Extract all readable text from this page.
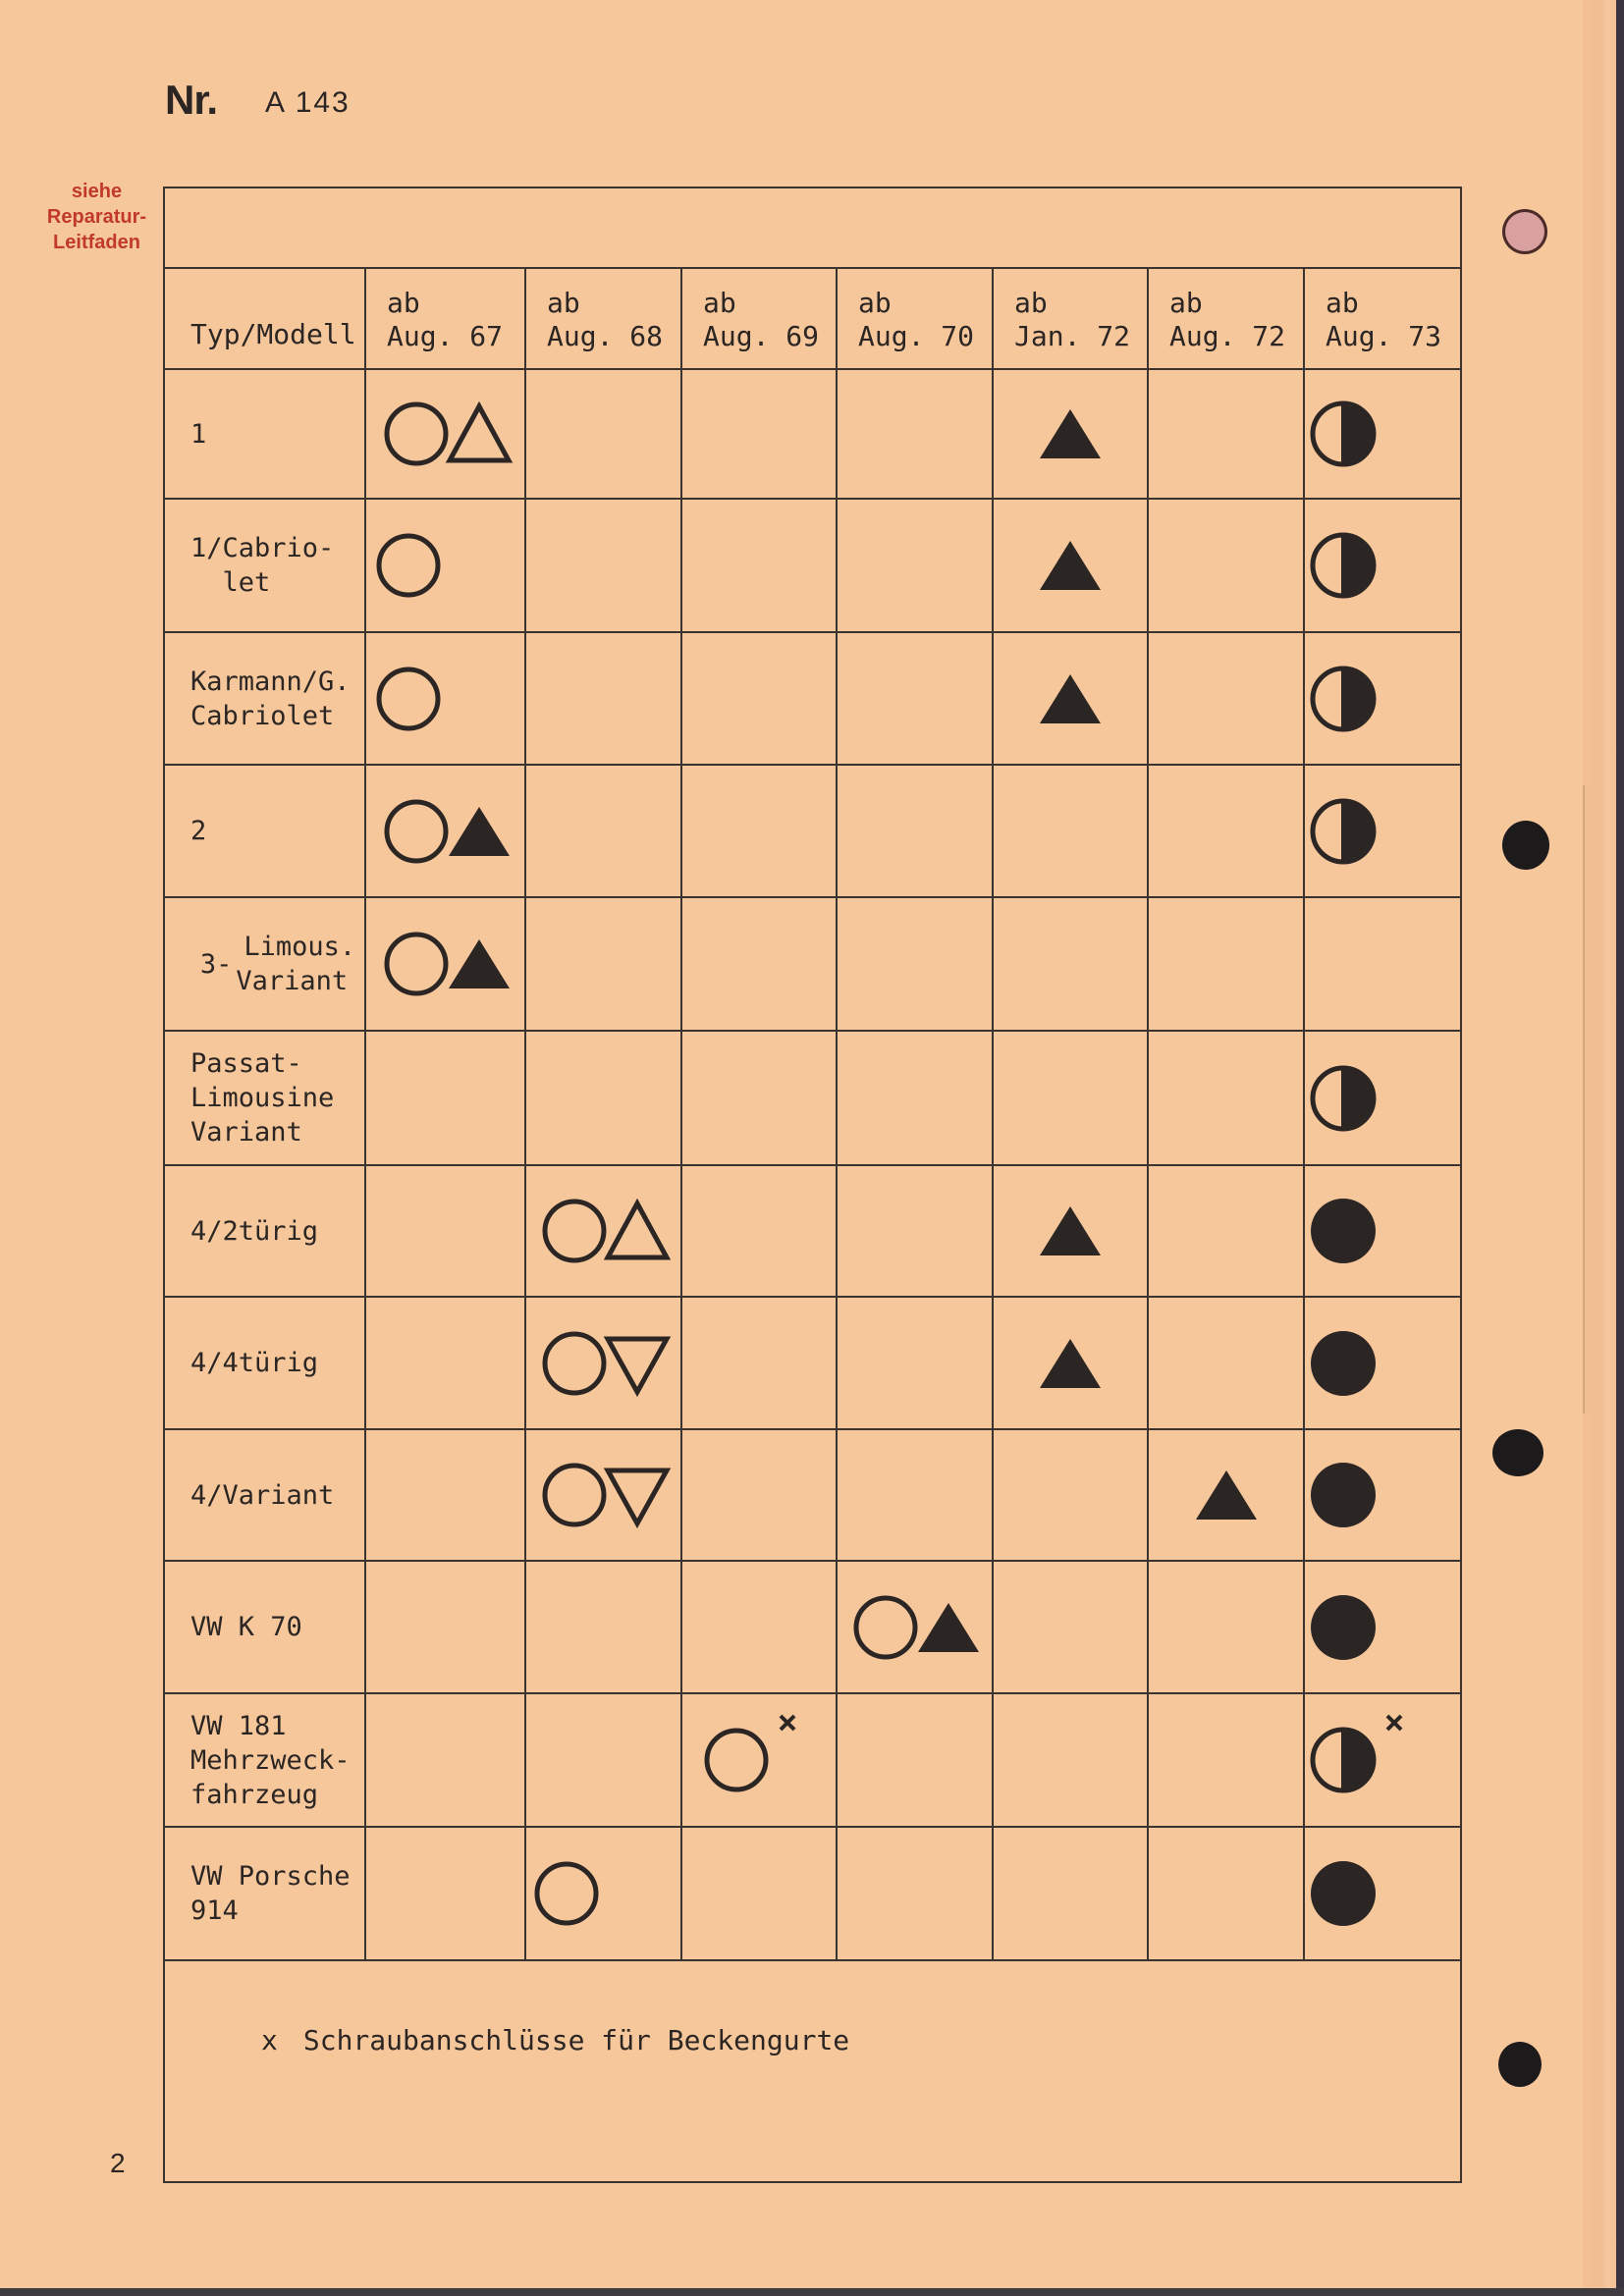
Nr. A 143
siehe
Reparatur-
Leitfaden
Typ/Modell
ab
Aug. 67
ab
Aug. 68
ab
Aug. 69
ab
Aug. 70
ab
Jan. 72
ab
Aug. 72
ab
Aug. 73
1
1/Cabrio-
let
Karmann/G.
Cabriolet
2
3-
Limous.
Variant
Passat-
Limousine
Variant
4/2türig
4/4türig
4/Variant
VW K 70
VW 181
Mehrzweck-
fahrzeug
VW Porsche
914
x Schraubanschlüsse für Beckengurte
2
